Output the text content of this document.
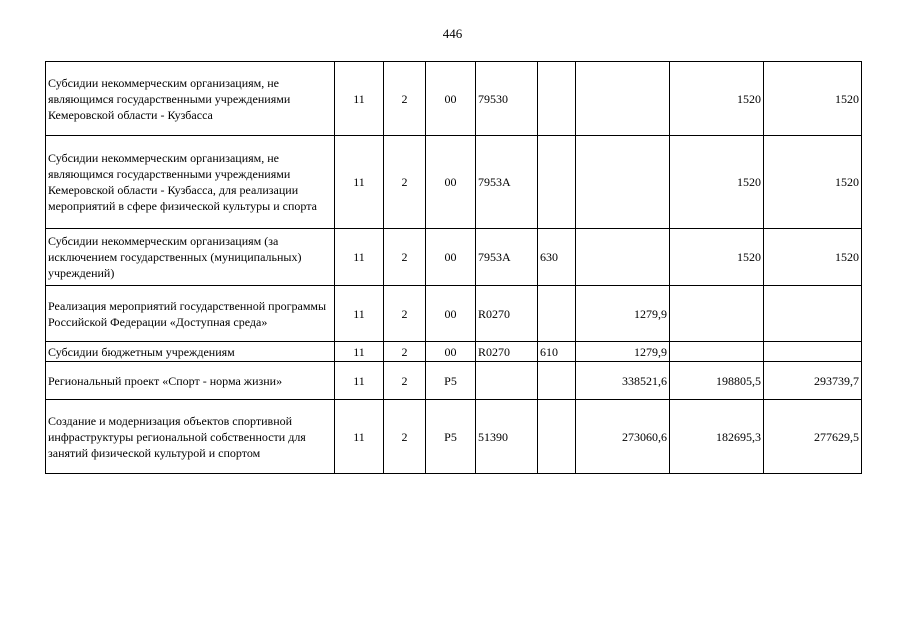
446
Субсидии некоммерческим организациям, не являющимся государственными учреждениями Кемеровской области - Кузбасса	11	2	00	79530			1520	1520
Субсидии некоммерческим организациям, не являющимся государственными учреждениями Кемеровской области - Кузбасса, для реализации мероприятий в сфере физической культуры и спорта	11	2	00	7953А			1520	1520
Субсидии некоммерческим организациям (за исключением государственных (муниципальных) учреждений)	11	2	00	7953А	630		1520	1520
Реализация мероприятий государственной программы Российской Федерации «Доступная среда»	11	2	00	R0270		1279,9		
Субсидии бюджетным учреждениям	11	2	00	R0270	610	1279,9		
Региональный проект «Спорт - норма жизни»	11	2	P5			338521,6	198805,5	293739,7
Создание и модернизация объектов спортивной инфраструктуры региональной собственности для занятий физической культурой и спортом	11	2	P5	51390		273060,6	182695,3	277629,5
